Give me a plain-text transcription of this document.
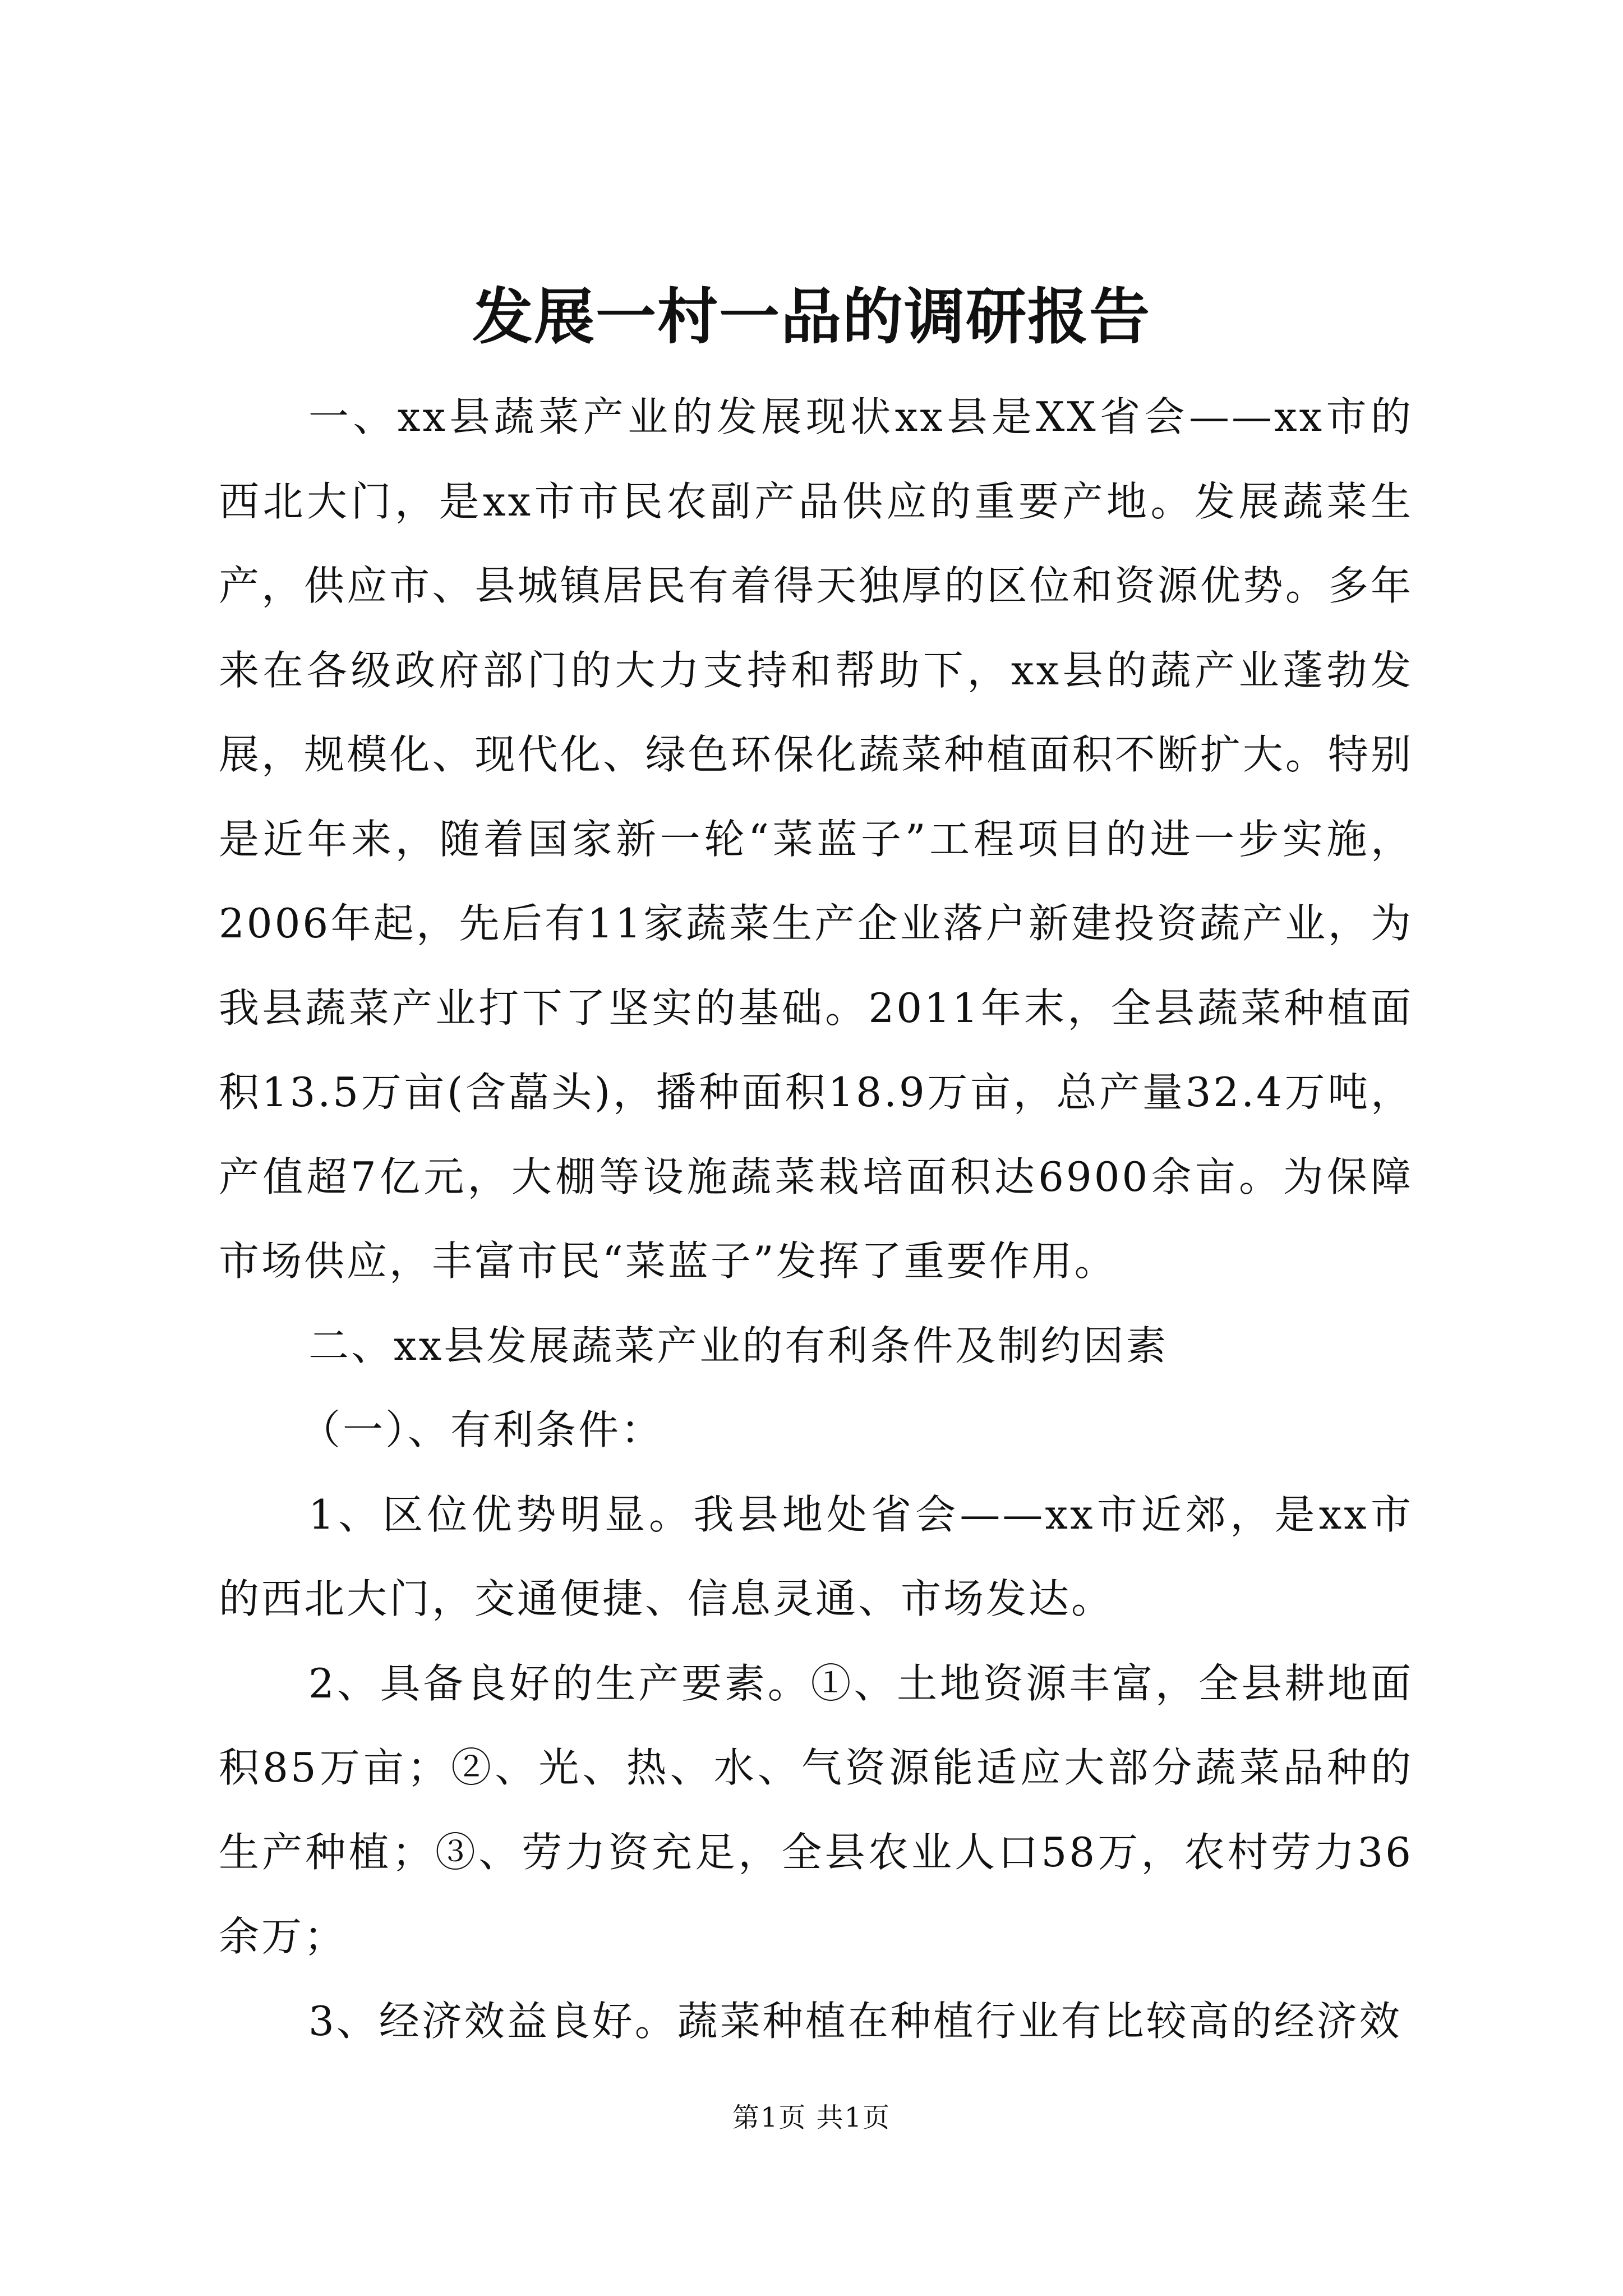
发展一村一品的调研报告

一、xx县蔬菜产业的发展现状xx县是XX省会——xx市的西北大门，是xx市市民农副产品供应的重要产地。发展蔬菜生产，供应市、县城镇居民有着得天独厚的区位和资源优势。多年来在各级政府部门的大力支持和帮助下，xx县的蔬产业蓬勃发展，规模化、现代化、绿色环保化蔬菜种植面积不断扩大。特别是近年来，随着国家新一轮“菜蓝子”工程项目的进一步实施，2006年起，先后有11家蔬菜生产企业落户新建投资蔬产业，为我县蔬菜产业打下了坚实的基础。2011年末，全县蔬菜种植面积13.5万亩(含藠头)，播种面积18.9万亩，总产量32.4万吨，产值超7亿元，大棚等设施蔬菜栽培面积达6900余亩。为保障市场供应，丰富市民“菜蓝子”发挥了重要作用。

二、xx县发展蔬菜产业的有利条件及制约因素

（一）、有利条件：

1、区位优势明显。我县地处省会——xx市近郊，是xx市的西北大门，交通便捷、信息灵通、市场发达。

2、具备良好的生产要素。①、土地资源丰富，全县耕地面积85万亩；②、光、热、水、气资源能适应大部分蔬菜品种的生产种植；③、劳力资充足，全县农业人口58万，农村劳力36余万；

3、经济效益良好。蔬菜种植在种植行业有比较高的经济效

第1页 共1页
